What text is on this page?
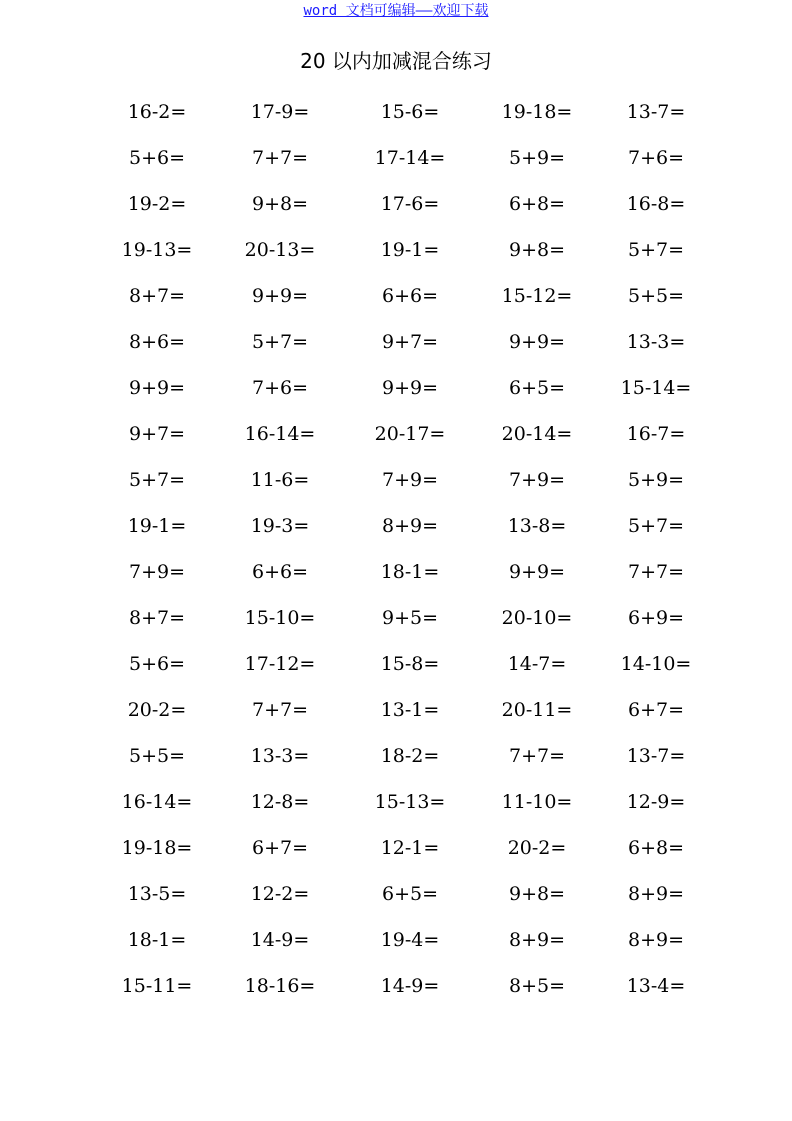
word 文档可编辑——欢迎下载
20 以内加减混合练习
16-2=	17-9=	15-6=	19-18=	13-7=
5+6=	7+7=	17-14=	5+9=	7+6=
19-2=	9+8=	17-6=	6+8=	16-8=
19-13=	20-13=	19-1=	9+8=	5+7=
8+7=	9+9=	6+6=	15-12=	5+5=
8+6=	5+7=	9+7=	9+9=	13-3=
9+9=	7+6=	9+9=	6+5=	15-14=
9+7=	16-14=	20-17=	20-14=	16-7=
5+7=	11-6=	7+9=	7+9=	5+9=
19-1=	19-3=	8+9=	13-8=	5+7=
7+9=	6+6=	18-1=	9+9=	7+7=
8+7=	15-10=	9+5=	20-10=	6+9=
5+6=	17-12=	15-8=	14-7=	14-10=
20-2=	7+7=	13-1=	20-11=	6+7=
5+5=	13-3=	18-2=	7+7=	13-7=
16-14=	12-8=	15-13=	11-10=	12-9=
19-18=	6+7=	12-1=	20-2=	6+8=
13-5=	12-2=	6+5=	9+8=	8+9=
18-1=	14-9=	19-4=	8+9=	8+9=
15-11=	18-16=	14-9=	8+5=	13-4=
